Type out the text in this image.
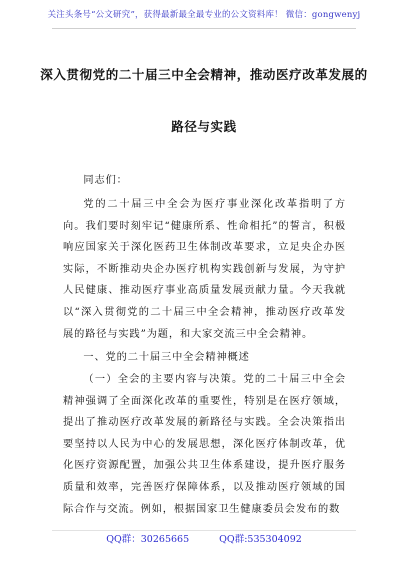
关注头条号“公文研究”，获得最新最全最专业的公文资料库！ 微信：gongwenyj
深入贯彻党的二十届三中全会精神，推动医疗改革发展的
路径与实践

同志们：

党的二十届三中全会为医疗事业深化改革指明了方向。我们要时刻牢记“健康所系、性命相托”的誓言，积极响应国家关于深化医药卫生体制改革要求，立足央企办医实际，不断推动央企办医疗机构实践创新与发展，为守护人民健康、推动医疗事业高质量发展贡献力量。今天我就以“深入贯彻党的二十届三中全会精神，推动医疗改革发展的路径与实践”为题，和大家交流三中全会精神。

一、党的二十届三中全会精神概述

（一）全会的主要内容与决策。党的二十届三中全会精神强调了全面深化改革的重要性，特别是在医疗领域，提出了推动医疗改革发展的新路径与实践。全会决策指出要坚持以人民为中心的发展思想，深化医疗体制改革，优化医疗资源配置，加强公共卫生体系建设，提升医疗服务质量和效率，完善医疗保障体系，以及推动医疗领域的国际合作与交流。例如，根据国家卫生健康委员会发布的数

QQ群：30265665	QQ群:535304092
